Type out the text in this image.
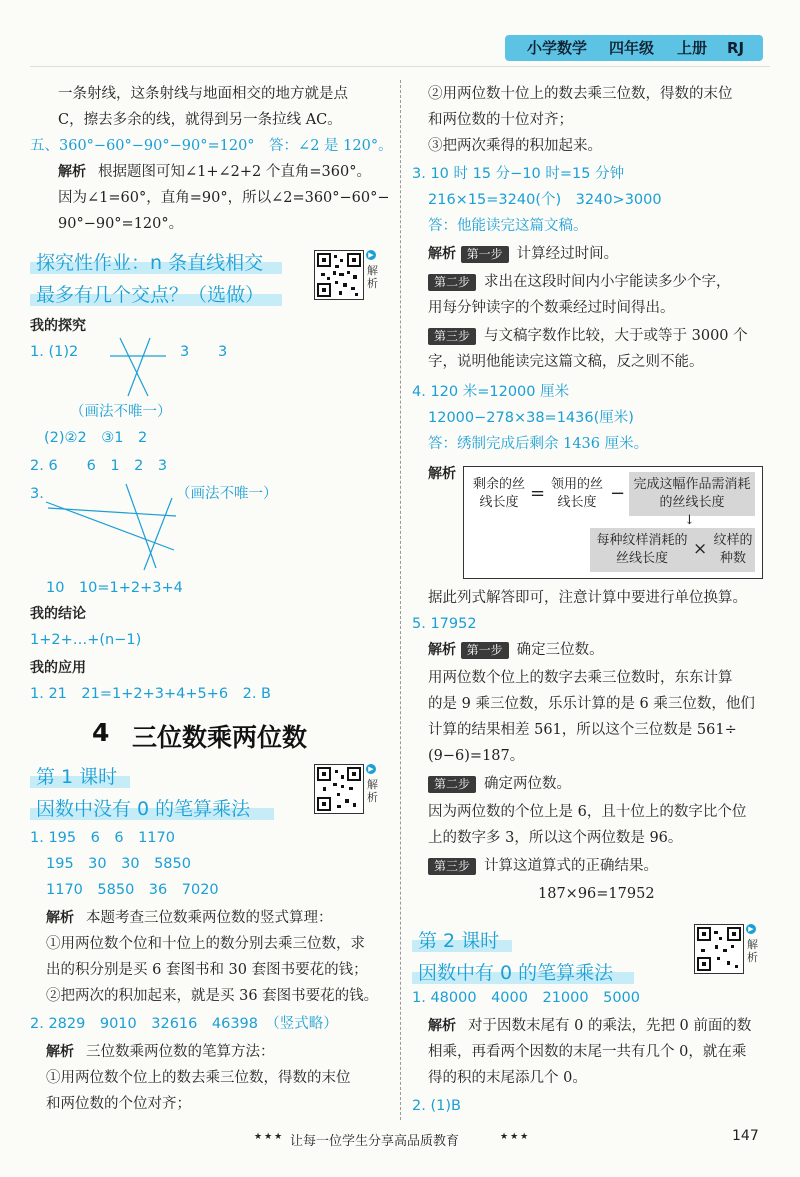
小学数学 四年级 上册 RJ
一条射线，这条射线与地面相交的地方就是点
C，擦去多余的线，就得到另一条拉线 AC。
五、360°−60°−90°−90°=120°　答：∠2 是 120°。
解析 根据题图可知∠1+∠2+2 个直角=360°。
因为∠1=60°，直角=90°，所以∠2=360°−60°−
90°−90°=120°。
探究性作业：n 条直线相交
最多有几个交点？（选做）
▶
解析
我的探究
1. (1)2	3 3
（画法不唯一）
(2)②2　③1　2
2. 6　　6　1　2　3
3.	（画法不唯一）
10　10=1+2+3+4
我的结论
1+2+…+(n−1)
我的应用
1. 21　21=1+2+3+4+5+6　2. B
4 三位数乘两位数
第 1 课时
因数中没有 0 的笔算乘法
▶
解析
1. 195　6　6　1170
195　30　30　5850
1170　5850　36　7020
解析 本题考查三位数乘两位数的竖式算理：
①用两位数个位和十位上的数分别去乘三位数，求
出的积分别是买 6 套图书和 30 套图书要花的钱；
②把两次的积加起来，就是买 36 套图书要花的钱。
2. 2829　9010　32616　46398　（竖式略）
解析 三位数乘两位数的笔算方法：
①用两位数个位上的数去乘三位数，得数的末位
和两位数的个位对齐；
②用两位数十位上的数去乘三位数，得数的末位
和两位数的十位对齐；
③把两次乘得的积加起来。
3. 10 时 15 分−10 时=15 分钟
216×15=3240(个)　3240>3000
答：他能读完这篇文稿。
解析 第一步 计算经过时间。
第二步 求出在这段时间内小宇能读多少个字，
用每分钟读字的个数乘经过时间得出。
第三步 与文稿字数作比较，大于或等于 3000 个
字，说明他能读完这篇文稿，反之则不能。
4. 120 米=12000 厘米
12000−278×38=1436(厘米)
答：绣制完成后剩余 1436 厘米。
解析
剩余的丝线长度 = 领用的丝线长度 − 完成这幅作品需消耗的丝线长度
↓
每种纹样消耗的丝线长度	× 纹样的种数
据此列式解答即可，注意计算中要进行单位换算。
5. 17952
解析 第一步 确定三位数。
用两位数个位上的数字去乘三位数时，东东计算
的是 9 乘三位数，乐乐计算的是 6 乘三位数，他们
计算的结果相差 561，所以这个三位数是 561÷
(9−6)=187。
第二步 确定两位数。
因为两位数的个位上是 6，且十位上的数字比个位
上的数字多 3，所以这个两位数是 96。
第三步 计算这道算式的正确结果。
187×96=17952
第 2 课时
因数中有 0 的笔算乘法
▶
解析
1. 48000　4000　21000　5000
解析 对于因数末尾有 0 的乘法，先把 0 前面的数
相乘，再看两个因数的末尾一共有几个 0，就在乘
得的积的末尾添几个 0。
2. (1)B
★★★ 让每一位学生分享高品质教育	★★★	147
